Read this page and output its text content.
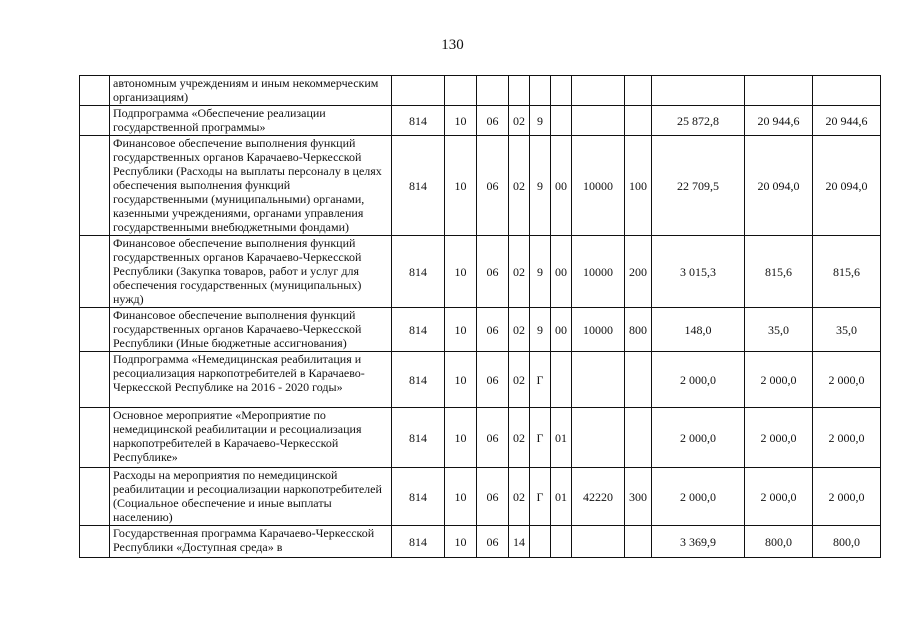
130
	автономным учреждениям и иным некоммерческим организациям)											
	Подпрограмма «Обеспечение реализации государственной программы»	814	10	06	02	9				25 872,8	20 944,6	20 944,6
	Финансовое обеспечение выполнения функций государственных органов Карачаево-Черкесской Республики (Расходы на выплаты персоналу в целях обеспечения выполнения функций государственными (муниципальными) органами, казенными учреждениями, органами управления государственными внебюджетными фондами)	814	10	06	02	9	00	10000	100	22 709,5	20 094,0	20 094,0
	Финансовое обеспечение выполнения функций государственных органов Карачаево-Черкесской Республики (Закупка товаров, работ и услуг для обеспечения государственных (муниципальных) нужд)	814	10	06	02	9	00	10000	200	3 015,3	815,6	815,6
	Финансовое обеспечение выполнения функций государственных органов Карачаево-Черкесской Республики (Иные бюджетные ассигнования)	814	10	06	02	9	00	10000	800	148,0	35,0	35,0
	Подпрограмма «Немедицинская реабилитация и ресоциализация наркопотребителей в Карачаево-Черкесской Республике на 2016 - 2020 годы»	814	10	06	02	Г				2 000,0	2 000,0	2 000,0
	Основное мероприятие «Мероприятие по немедицинской реабилитации и ресоциализация наркопотребителей в Карачаево-Черкесской Республике»	814	10	06	02	Г	01			2 000,0	2 000,0	2 000,0
	Расходы на мероприятия по немедицинской реабилитации и ресоциализации наркопотребителей (Социальное обеспечение и иные выплаты населению)	814	10	06	02	Г	01	42220	300	2 000,0	2 000,0	2 000,0
	Государственная программа Карачаево-Черкесской Республики «Доступная среда» в	814	10	06	14					3 369,9	800,0	800,0
